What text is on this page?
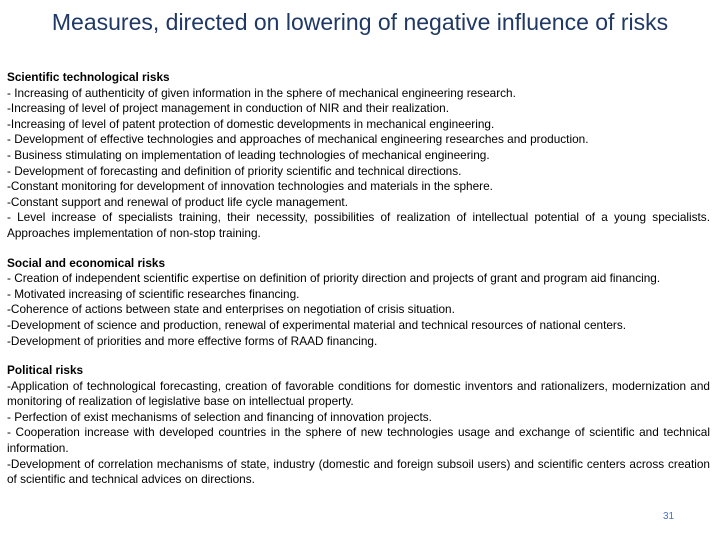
Measures, directed on lowering of negative influence of risks
Scientific technological risks
- Increasing of authenticity of given information in the sphere of mechanical engineering research.
-Increasing of level of project management in conduction of NIR and their realization.
-Increasing of level of patent protection of domestic developments in mechanical engineering.
- Development of effective technologies and approaches of mechanical engineering researches and production.
- Business stimulating on implementation of leading technologies of mechanical engineering.
- Development of forecasting and definition of priority scientific and technical directions.
-Constant monitoring for development of innovation technologies and materials in the sphere.
-Constant support and renewal of product life cycle management.
- Level increase of specialists training, their necessity, possibilities of realization of intellectual potential of a young specialists. Approaches implementation of non-stop training.
Social and economical risks
- Creation of independent scientific expertise on definition of priority direction and projects of grant and program aid financing.
- Motivated increasing of scientific researches financing.
-Coherence of actions between state and enterprises on negotiation of crisis situation.
-Development of science and production, renewal of experimental material and technical resources of national centers.
-Development of priorities and more effective forms of RAAD financing.
Political risks
-Application of technological forecasting, creation of favorable conditions for domestic inventors and rationalizers, modernization and monitoring of realization of legislative base on intellectual property.
- Perfection of exist mechanisms of selection and financing of innovation projects.
- Cooperation increase with developed countries in the sphere of new technologies usage and exchange of scientific and technical information.
-Development of correlation mechanisms of state, industry (domestic and foreign subsoil users) and scientific centers across creation of scientific and technical advices on directions.
31
